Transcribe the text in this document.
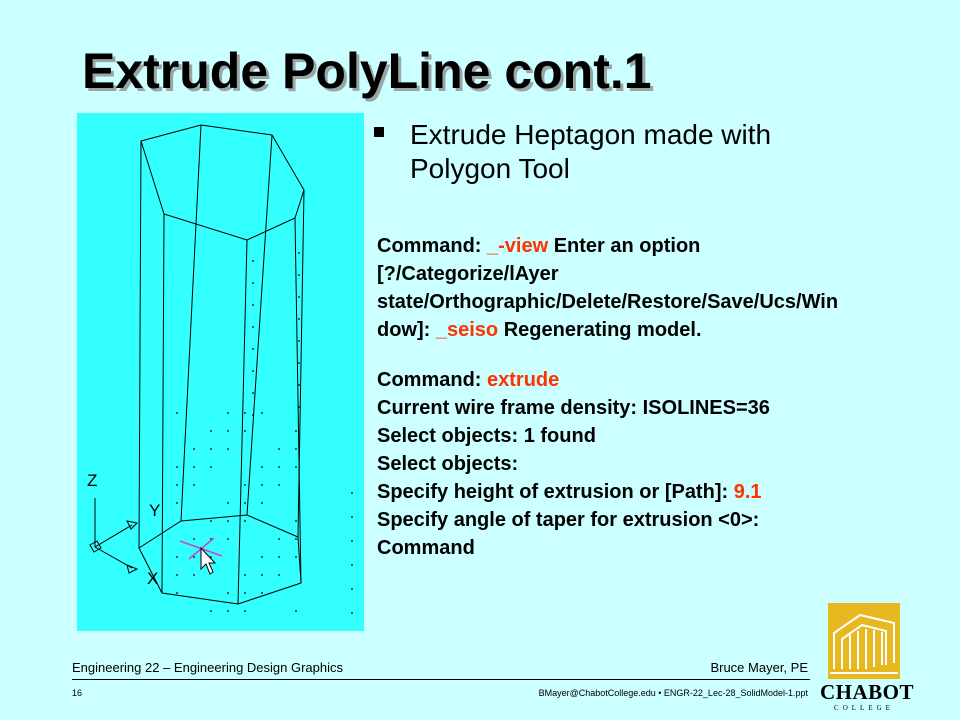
Extrude PolyLine cont.1
Z
Y
X
Extrude Heptagon made with Polygon Tool
Command: _-view Enter an option
[?/Categorize/lAyer
state/Orthographic/Delete/Restore/Save/Ucs/Win
dow]: _seiso Regenerating model.
Command: extrude
Current wire frame density: ISOLINES=36
Select objects: 1 found
Select objects:
Specify height of extrusion or [Path]: 9.1
Specify angle of taper for extrusion <0>:
Command
Engineering 22 – Engineering Design Graphics	Bruce Mayer, PE
16	BMayer@ChabotCollege.edu • ENGR-22_Lec-28_SolidModel-1.ppt CHABOT
COLLEGE
